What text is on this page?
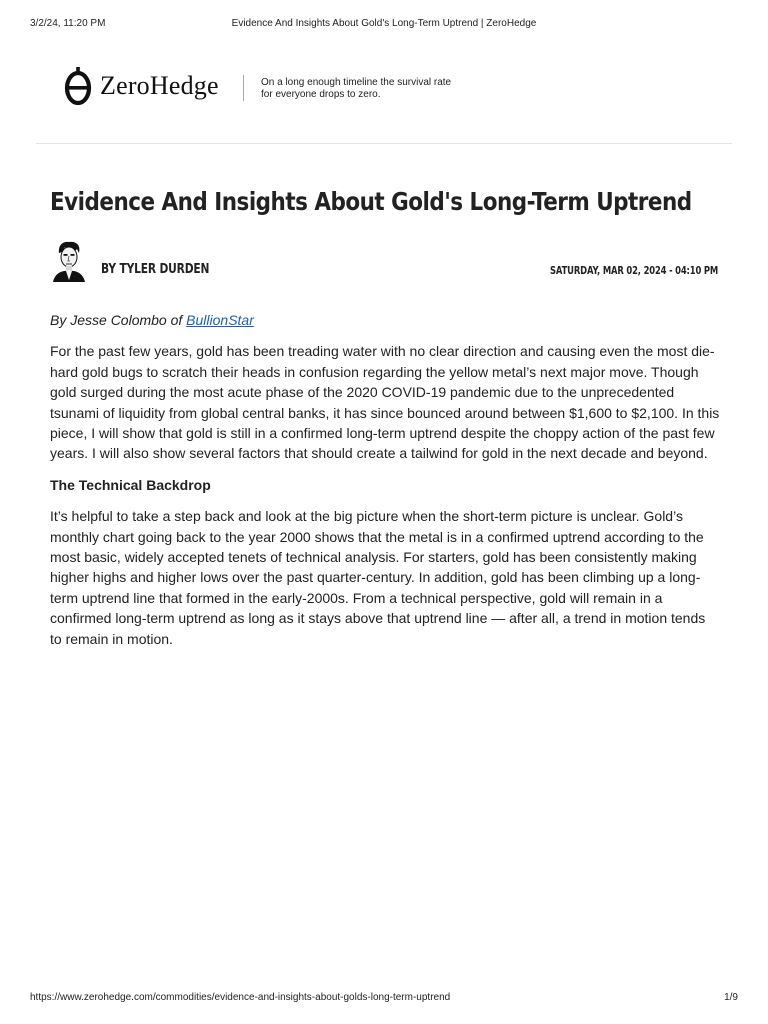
3/2/24, 11:20 PM	Evidence And Insights About Gold's Long-Term Uptrend | ZeroHedge
ZeroHedge	On a long enough timeline the survival rate for everyone drops to zero.
Evidence And Insights About Gold's Long-Term Uptrend
BY TYLER DURDEN	SATURDAY, MAR 02, 2024 - 04:10 PM

By Jesse Colombo of BullionStar

For the past few years, gold has been treading water with no clear direction and causing even the most die-hard gold bugs to scratch their heads in confusion regarding the yellow metal’s next major move. Though gold surged during the most acute phase of the 2020 COVID-19 pandemic due to the unprecedented tsunami of liquidity from global central banks, it has since bounced around between $1,600 to $2,100. In this piece, I will show that gold is still in a confirmed long-term uptrend despite the choppy action of the past few years. I will also show several factors that should create a tailwind for gold in the next decade and beyond.

The Technical Backdrop

It’s helpful to take a step back and look at the big picture when the short-term picture is unclear. Gold’s monthly chart going back to the year 2000 shows that the metal is in a confirmed uptrend according to the most basic, widely accepted tenets of technical analysis. For starters, gold has been consistently making higher highs and higher lows over the past quarter-century. In addition, gold has been climbing up a long-term uptrend line that formed in the early-2000s. From a technical perspective, gold will remain in a confirmed long-term uptrend as long as it stays above that uptrend line — after all, a trend in motion tends to remain in motion.

https://www.zerohedge.com/commodities/evidence-and-insights-about-golds-long-term-uptrend	1/9
